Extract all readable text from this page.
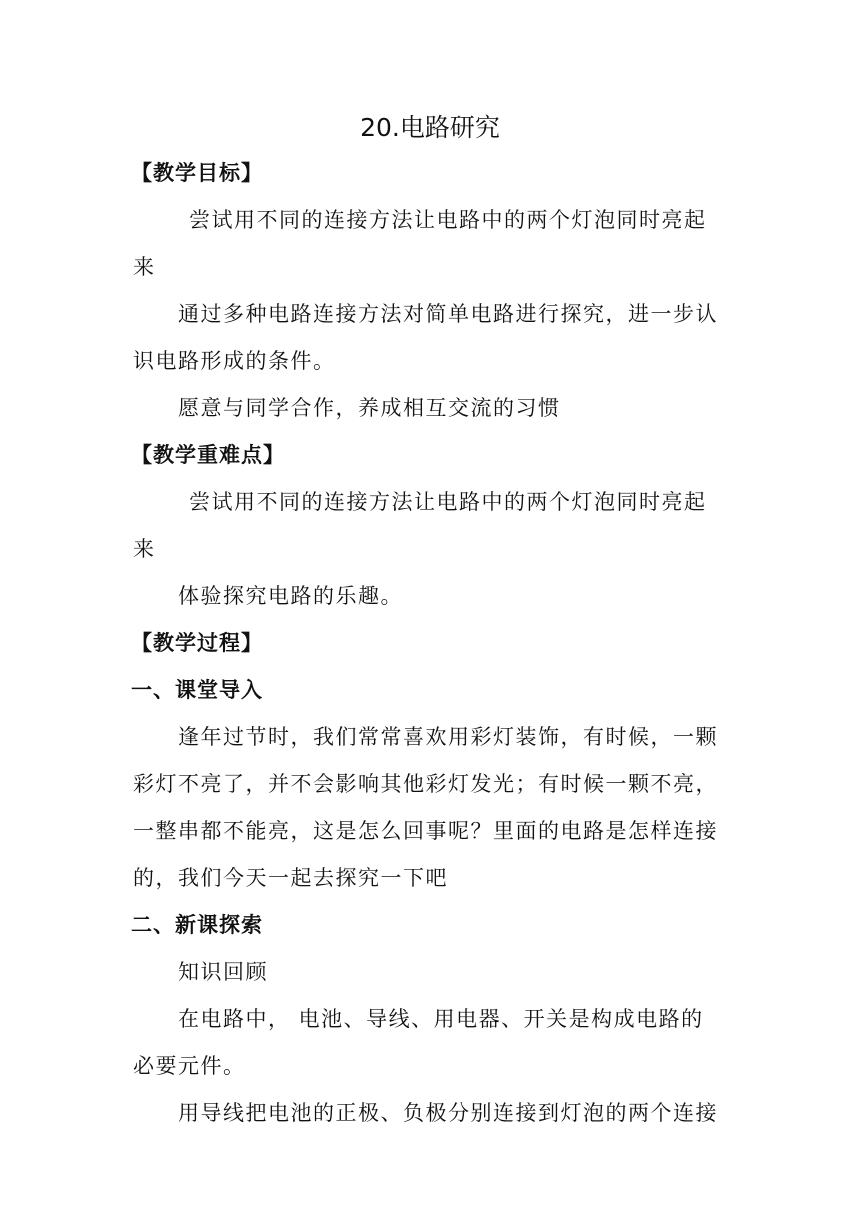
20.电路研究
【教学目标】
尝试用不同的连接方法让电路中的两个灯泡同时亮起
来
通过多种电路连接方法对简单电路进行探究，进一步认
识电路形成的条件。
愿意与同学合作，养成相互交流的习惯
【教学重难点】
尝试用不同的连接方法让电路中的两个灯泡同时亮起
来
体验探究电路的乐趣。
【教学过程】
一、课堂导入
逢年过节时，我们常常喜欢用彩灯装饰，有时候，一颗
彩灯不亮了，并不会影响其他彩灯发光；有时候一颗不亮，
一整串都不能亮，这是怎么回事呢？里面的电路是怎样连接
的，我们今天一起去探究一下吧
二、新课探索
知识回顾
在电路中， 电池、导线、用电器、开关是构成电路的
必要元件。
用导线把电池的正极、负极分别连接到灯泡的两个连接
